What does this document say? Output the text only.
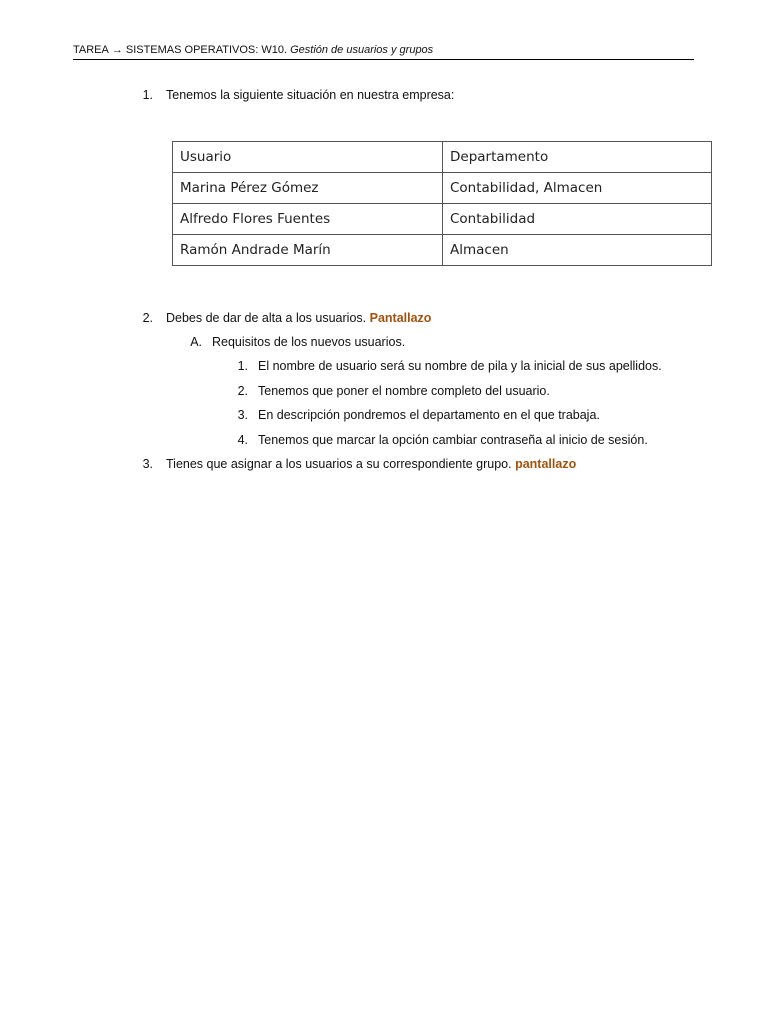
TAREA → SISTEMAS OPERATIVOS: W10. Gestión de usuarios y grupos
1. Tenemos la siguiente situación en nuestra empresa:
Usuario	Departamento
Marina Pérez Gómez	Contabilidad, Almacen
Alfredo Flores Fuentes	Contabilidad
Ramón Andrade Marín	Almacen
2. Debes de dar de alta a los usuarios. Pantallazo
A. Requisitos de los nuevos usuarios.
1. El nombre de usuario será su nombre de pila y la inicial de sus apellidos.
2. Tenemos que poner el nombre completo del usuario.
3. En descripción pondremos el departamento en el que trabaja.
4. Tenemos que marcar la opción cambiar contraseña al inicio de sesión.
3. Tienes que asignar a los usuarios a su correspondiente grupo. pantallazo
